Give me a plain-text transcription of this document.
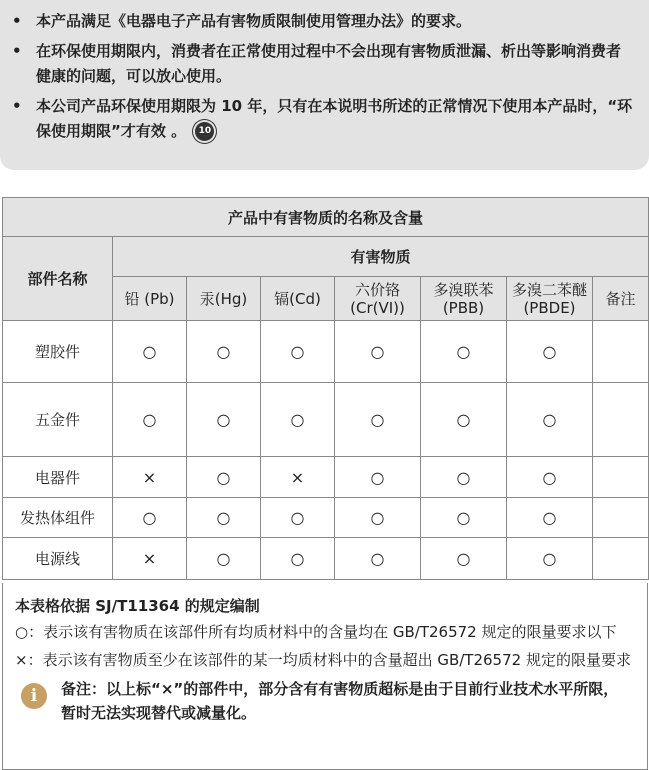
• 本产品满足《电器电子产品有害物质限制使用管理办法》的要求。
• 在环保使用期限内，消费者在正常使用过程中不会出现有害物质泄漏、析出等影响消费者健康的问题，可以放心使用。
• 本公司产品环保使用期限为 10 年，只有在本说明书所述的正常情况下使用本产品时，“环保使用期限”才有效 。 10
产品中有害物质的名称及含量							
部件名称	有害物质						
	铅 (Pb)	汞(Hg)	镉(Cd)	六价铬 (Cr(VI))	多溴联苯 (PBB)	多溴二苯醚 (PBDE)	备注
塑胶件	○	○	○	○	○	○	
五金件	○	○	○	○	○	○	
电器件	×	○	×	○	○	○	
发热体组件	○	○	○	○	○	○	
电源线	×	○	○	○	○	○	
本表格依据 SJ/T11364 的规定编制

○：表示该有害物质在该部件所有均质材料中的含量均在 GB/T26572 规定的限量要求以下

×：表示该有害物质至少在该部件的某一均质材料中的含量超出 GB/T26572 规定的限量要求

i	备注：以上标“×”的部件中，部分含有有害物质超标是由于目前行业技术水平所限，暂时无法实现替代或减量化。
